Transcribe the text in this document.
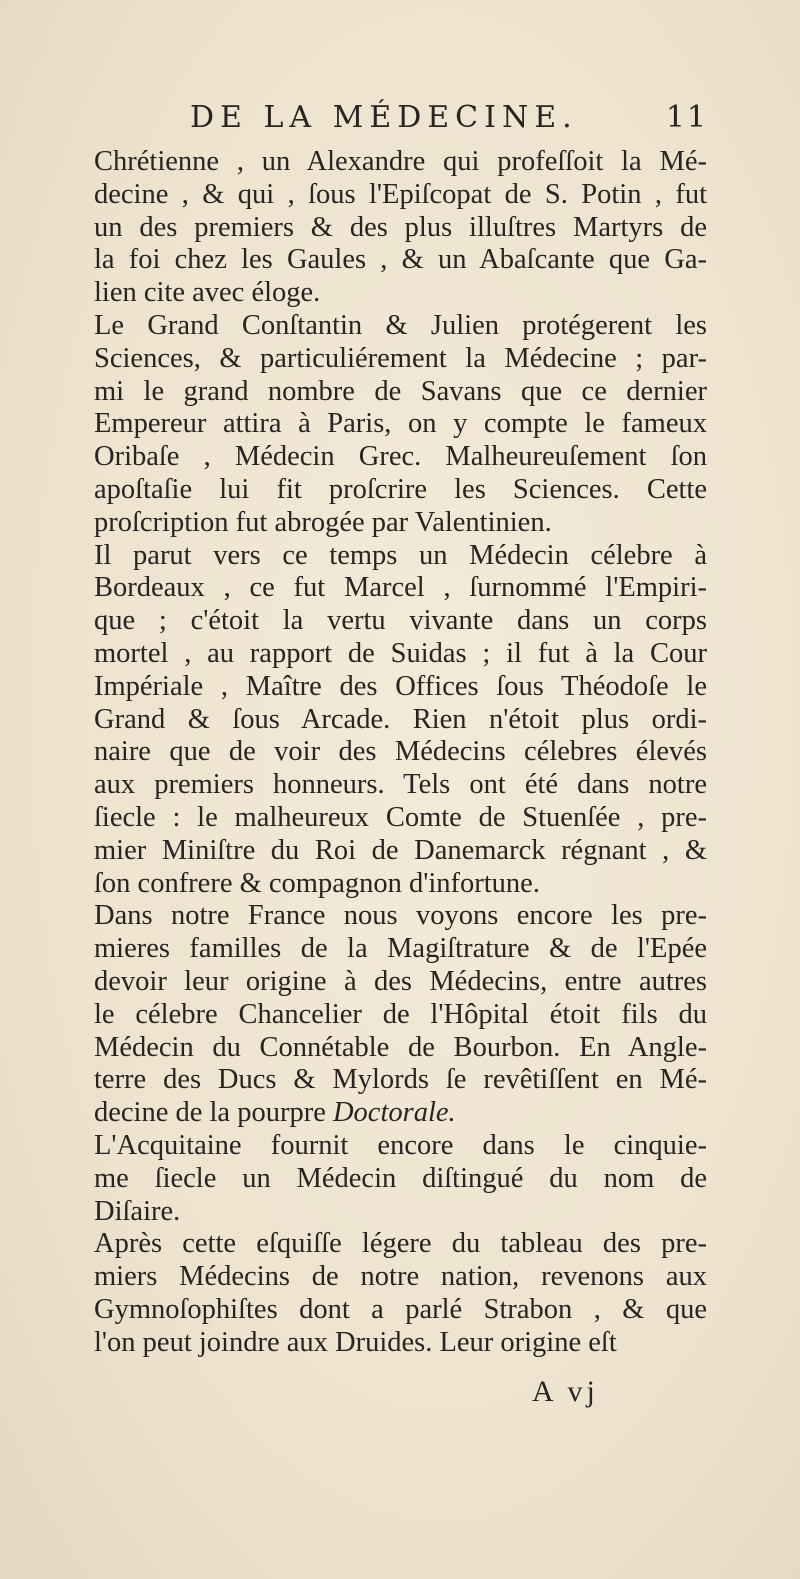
DE LA MÉDECINE.	11
Chrétienne , un Alexandre qui profeſſoit la Mé-
decine , & qui , ſous l'Epiſcopat de S. Potin , fut
un des premiers & des plus illuſtres Martyrs de
la foi chez les Gaules , & un Abaſcante que Ga-
lien cite avec éloge.
Le Grand Conſtantin & Julien protégerent les
Sciences, & particuliérement la Médecine ; par-
mi le grand nombre de Savans que ce dernier
Empereur attira à Paris, on y compte le fameux
Oribaſe , Médecin Grec. Malheureuſement ſon
apoſtaſie lui fit proſcrire les Sciences. Cette
proſcription fut abrogée par Valentinien.
Il parut vers ce temps un Médecin célebre à
Bordeaux , ce fut Marcel , ſurnommé l'Empiri-
que ; c'étoit la vertu vivante dans un corps
mortel , au rapport de Suidas ; il fut à la Cour
Impériale , Maître des Offices ſous Théodoſe le
Grand & ſous Arcade. Rien n'étoit plus ordi-
naire que de voir des Médecins célebres élevés
aux premiers honneurs. Tels ont été dans notre
ſiecle : le malheureux Comte de Stuenſée , pre-
mier Miniſtre du Roi de Danemarck régnant , &
ſon confrere & compagnon d'infortune.
Dans notre France nous voyons encore les pre-
mieres familles de la Magiſtrature & de l'Epée
devoir leur origine à des Médecins, entre autres
le célebre Chancelier de l'Hôpital étoit fils du
Médecin du Connétable de Bourbon. En Angle-
terre des Ducs & Mylords ſe revêtiſſent en Mé-
decine de la pourpre Doctorale.
L'Acquitaine fournit encore dans le cinquie-
me ſiecle un Médecin diſtingué du nom de
Diſaire.
Après cette eſquiſſe légere du tableau des pre-
miers Médecins de notre nation, revenons aux
Gymnoſophiſtes dont a parlé Strabon , & que
l'on peut joindre aux Druides. Leur origine eſt
A vj
